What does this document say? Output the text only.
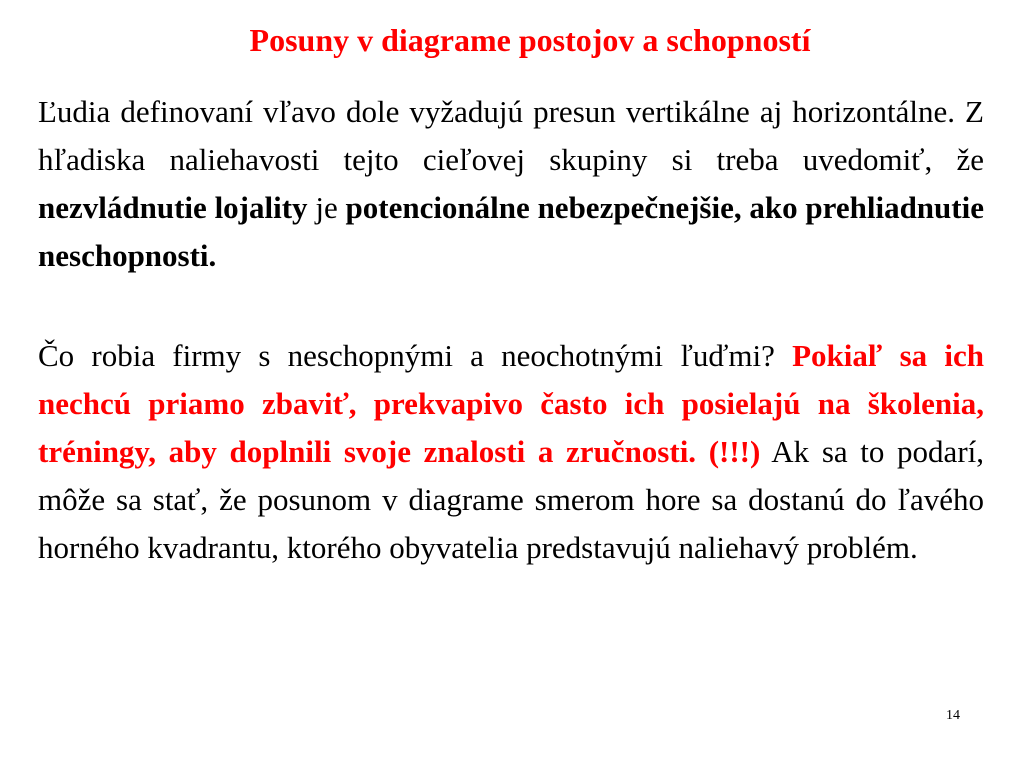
Posuny v diagrame postojov a schopností
Ľudia definovaní vľavo dole vyžadujú presun vertikálne aj horizontálne. Z hľadiska naliehavosti tejto cieľovej skupiny si treba uvedomiť, že nezvládnutie lojality je potencionálne nebezpečnejšie, ako prehliadnutie neschopnosti.
Čo robia firmy s neschopnými a neochotnými ľuďmi? Pokiaľ sa ich nechcú priamo zbaviť, prekvapivo často ich posielajú na školenia, tréningy, aby doplnili svoje znalosti a zručnosti. (!!!) Ak sa to podarí, môže sa stať, že posunom v diagrame smerom hore sa dostanú do ľavého horného kvadrantu, ktorého obyvatelia predstavujú naliehavý problém.
14
